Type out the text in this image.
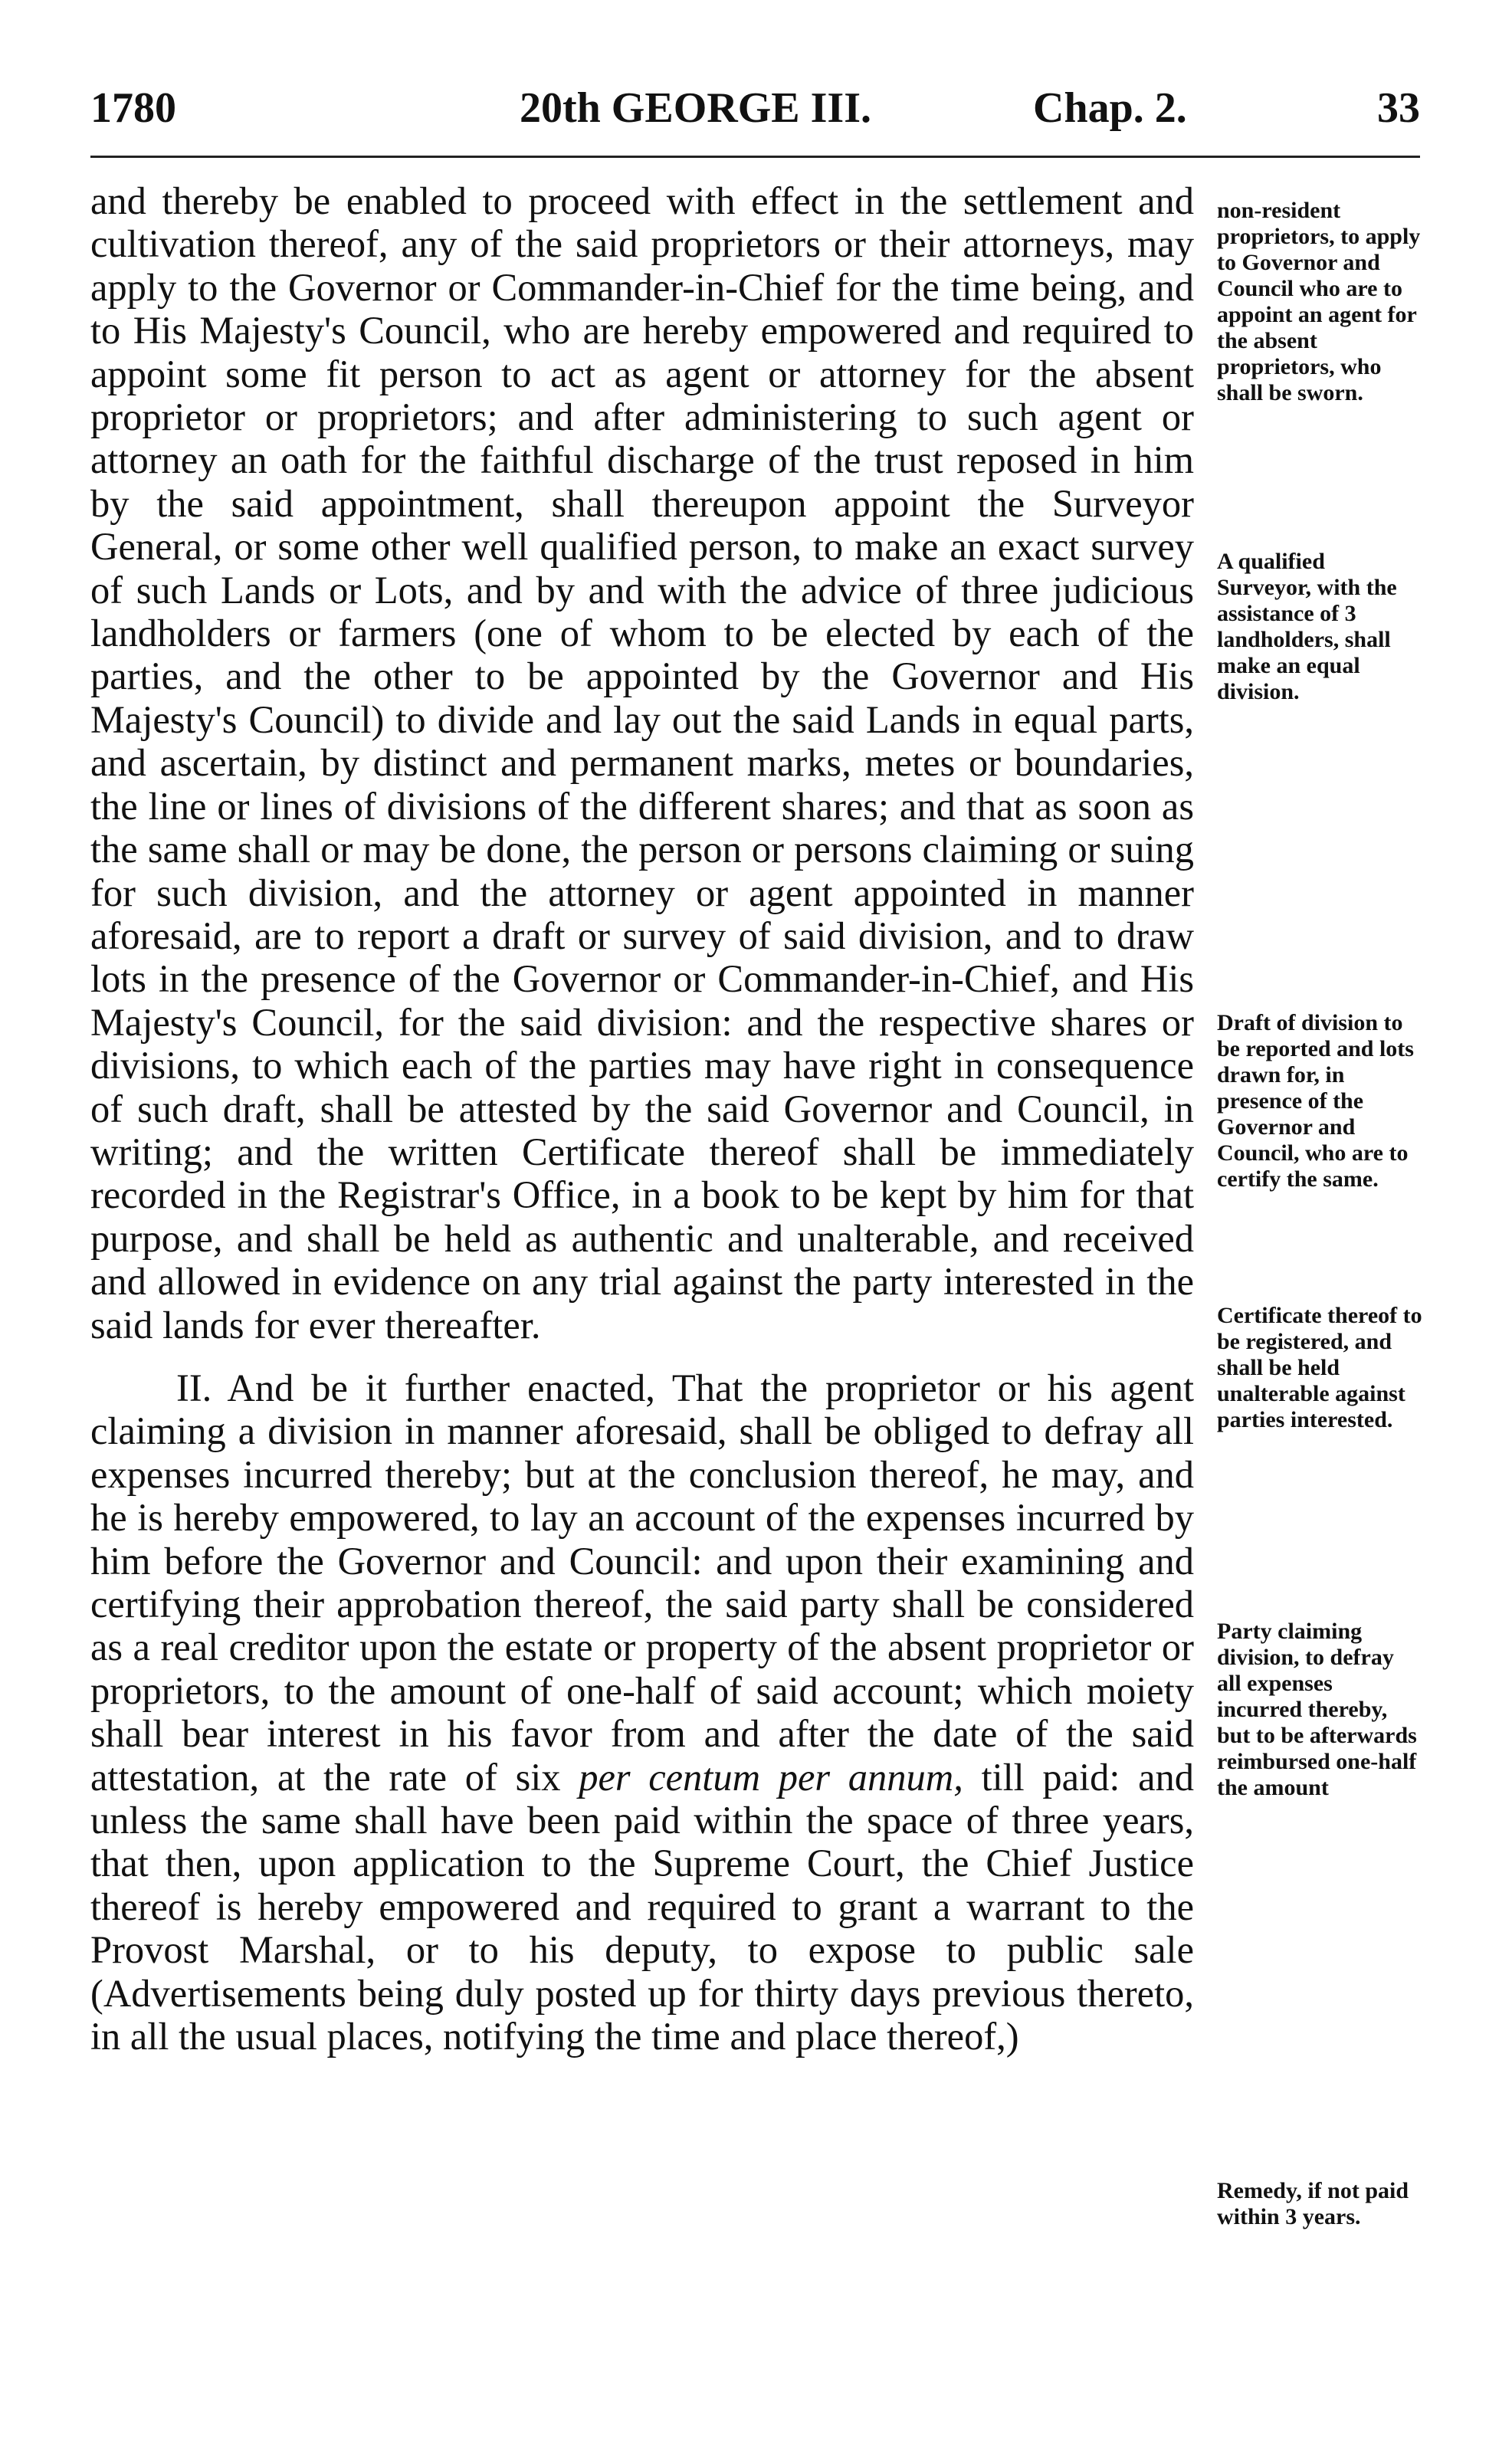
1780	20th GEORGE III.	Chap. 2.	33

and thereby be enabled to proceed with effect in the settlement and cultivation thereof, any of the said proprietors or their attorneys, may apply to the Governor or Commander-in-Chief for the time being, and to His Majesty's Council, who are hereby empowered and required to appoint some fit person to act as agent or attorney for the absent proprietor or proprietors; and after administering to such agent or attorney an oath for the faithful discharge of the trust reposed in him by the said appointment, shall thereupon appoint the Surveyor General, or some other well qualified person, to make an exact survey of such Lands or Lots, and by and with the advice of three judicious landholders or farmers (one of whom to be elected by each of the parties, and the other to be appointed by the Governor and His Majesty's Council) to divide and lay out the said Lands in equal parts, and ascertain, by distinct and permanent marks, metes or boundaries, the line or lines of divisions of the different shares; and that as soon as the same shall or may be done, the person or persons claiming or suing for such division, and the attorney or agent appointed in manner aforesaid, are to report a draft or survey of said division, and to draw lots in the presence of the Governor or Commander-in-Chief, and His Majesty's Council, for the said division: and the respective shares or divisions, to which each of the parties may have right in consequence of such draft, shall be attested by the said Governor and Council, in writing; and the written Certificate thereof shall be immediately recorded in the Registrar's Office, in a book to be kept by him for that purpose, and shall be held as authentic and unalterable, and received and allowed in evidence on any trial against the party interested in the said lands for ever thereafter.

II. And be it further enacted, That the proprietor or his agent claiming a division in manner aforesaid, shall be obliged to defray all expenses incurred thereby; but at the conclusion thereof, he may, and he is hereby empowered, to lay an account of the expenses incurred by him before the Governor and Council: and upon their examining and certifying their approbation thereof, the said party shall be considered as a real creditor upon the estate or property of the absent proprietor or proprietors, to the amount of one-half of said account; which moiety shall bear interest in his favor from and after the date of the said attestation, at the rate of six per centum per annum, till paid: and unless the same shall have been paid within the space of three years, that then, upon application to the Supreme Court, the Chief Justice thereof is hereby empowered and required to grant a warrant to the Provost Marshal, or to his deputy, to expose to public sale (Advertisements being duly posted up for thirty days previous thereto, in all the usual places, notifying the time and place thereof,)

non-resident proprietors, to apply to Governor and Council who are to appoint an agent for the absent proprietors, who shall be sworn.
A qualified Surveyor, with the assistance of 3 landholders, shall make an equal division.
Draft of division to be reported and lots drawn for, in presence of the Governor and Council, who are to certify the same.
Certificate thereof to be registered, and shall be held unalterable against parties interested.
Party claiming division, to defray all expenses incurred thereby, but to be afterwards reimbursed one-half the amount
Remedy, if not paid within 3 years.
